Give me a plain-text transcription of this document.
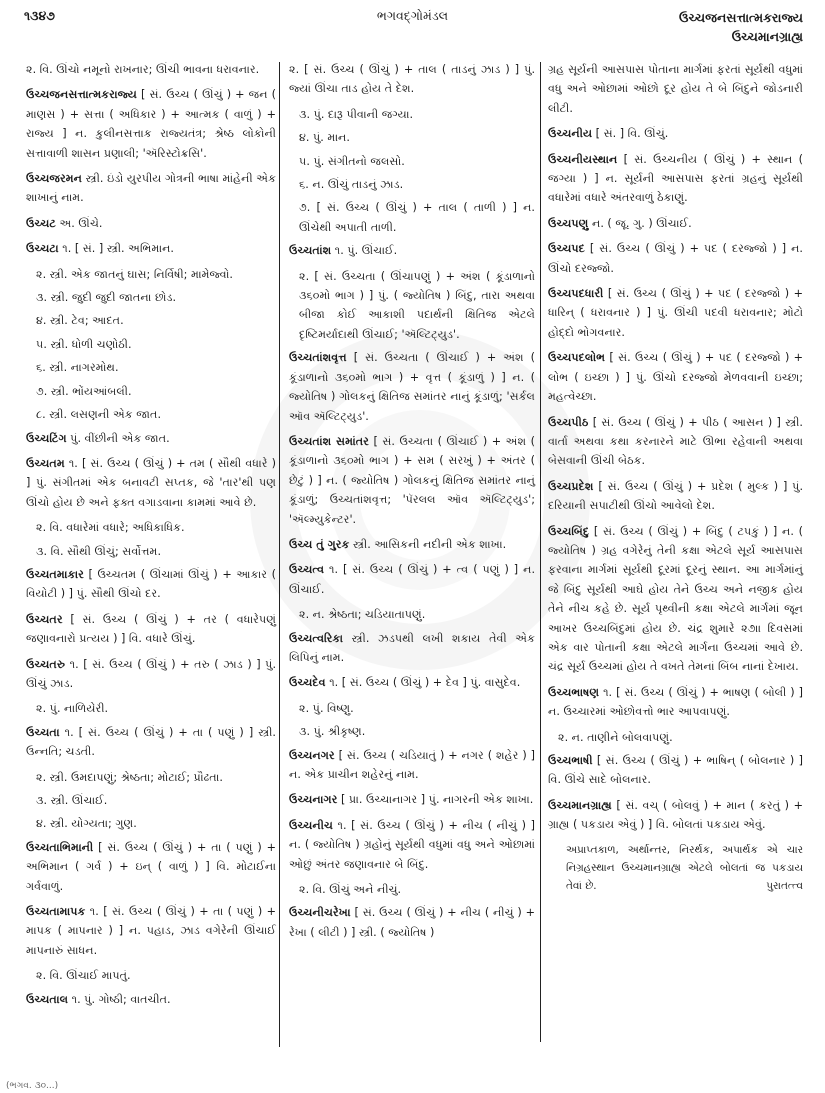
૧૩૪૭	ભગવદ્ગોમંડલ	ઉચ્ચજનસત્તાત્મકરાજ્ય
ઉચ્ચમાનગ્રાહ્ય

૨. વિ. ઊંચો નમૂનો રાખનાર; ઊંચી ભાવના ધરાવનાર.

ઉચ્ચજનસત્તાત્મકરાજ્ય [ સં. ઉચ્ચ ( ઊંચું ) + જન ( માણસ ) + સત્તા ( અધિકાર ) + આત્મક ( વાળું ) + રાજ્ય ] ન. કુલીનસત્તાક રાજ્યતંત્ર; શ્રેષ્ઠ લોકોની સત્તાવાળી શાસન પ્રણાલી; 'ઍરિસ્ટોક્રસિ'.

ઉચ્ચજરમન સ્ત્રી. ઇંડો યુરપીય ગોત્રની ભાષા માંહેની એક શાખાનું નામ.

ઉચ્ચટ અ. ઊંચે.

ઉચ્ચટા ૧. [ સં. ] સ્ત્રી. અભિમાન.

૨. સ્ત્રી. એક જાતનું ઘાસ; નિર્વિષી; મામેજ્વો.

૩. સ્ત્રી. જુદી જુદી જાતના છોડ.

૪. સ્ત્રી. ટેવ; આદત.

૫. સ્ત્રી. ધોળી ચણોઠી.

૬. સ્ત્રી. નાગરમોથ.

૭. સ્ત્રી. ભોંયઆંબલી.

૮. સ્ત્રી. લસણની એક જાત.

ઉચ્ચટિંગ પું. વીંછીની એક જાત.

ઉચ્ચતમ ૧. [ સં. ઉચ્ચ ( ઊંચું ) + તમ ( સૌથી વધારે ) ] પું. સંગીતમાં એક બનાવટી સપ્તક, જે 'તાર'થી પણ ઊંચો હોય છે અને ફક્ત વગાડવાના કામમાં આવે છે.

૨. વિ. વધારેમાં વધારે; અધિકાધિક.

૩. વિ. સૌથી ઊંચું; સર્વોત્તમ.

ઉચ્ચતમાકાર [ ઉચ્ચતમ ( ઊંચામાં ઊંચું ) + આકાર ( વિયોટી ) ] પું. સૌથી ઊંચો દર.

ઉચ્ચતર [ સં. ઉચ્ચ ( ઊંચું ) + તર ( વધારેપણું જણાવનારો પ્રત્યય ) ] વિ. વધારે ઊંચું.

ઉચ્ચતરુ ૧. [ સં. ઉચ્ચ ( ઊંચું ) + તરુ ( ઝાડ ) ] પું. ઊંચું ઝાડ.

૨. પું. નાળિયેરી.

ઉચ્ચતા ૧. [ સં. ઉચ્ચ ( ઊંચું ) + તા ( પણું ) ] સ્ત્રી. ઉન્નતિ; ચડતી.

૨. સ્ત્રી. ઉમદાપણું; શ્રેષ્ઠતા; મોટાઈ; પ્રૌઢતા.

૩. સ્ત્રી. ઊંચાઈ.

૪. સ્ત્રી. યોગ્યતા; ગુણ.

ઉચ્ચતાભિમાની [ સં. ઉચ્ચ ( ઊંચું ) + તા ( પણું ) + અભિમાન ( ગર્વ ) + ઇન્ ( વાળું ) ] વિ. મોટાઈના ગર્વવાળું.

ઉચ્ચતામાપક ૧. [ સં. ઉચ્ચ ( ઊંચું ) + તા ( પણું ) + માપક ( માપનાર ) ] ન. પહાડ, ઝાડ વગેરેની ઊંચાઈ માપનારું સાધન.

૨. વિ. ઊંચાઈ માપતું.

ઉચ્ચતાલ ૧. પું. ગોષ્ઠી; વાતચીત.

૨. [ સં. ઉચ્ચ ( ઊંચું ) + તાલ ( તાડનું ઝાડ ) ] પું. જ્યાં ઊંચા તાડ હોય તે દેશ.

૩. પું. દારૂ પીવાની જગ્યા.

૪. પું. માન.

૫. પું. સંગીતનો જલસો.

૬. ન. ઊંચું તાડનું ઝાડ.

૭. [ સં. ઉચ્ચ ( ઊંચું ) + તાલ ( તાળી ) ] ન. ઊંચેથી અપાતી તાળી.

ઉચ્ચતાંશ ૧. પું. ઊંચાઈ.

૨. [ સં. ઉચ્ચતા ( ઊંચાપણું ) + અંશ ( કૂંડાળાનો ૩૬૦મો ભાગ ) ] પું. ( જ્યોતિષ ) બિંદુ, તારા અથવા બીજા કોઈ આકાશી પદાર્થની ક્ષિતિજ એટલે દૃષ્ટિમર્યાદાથી ઊંચાઈ; 'ઍલ્ટિટ્યુડ'.

ઉચ્ચતાંશવૃત્ત [ સં. ઉચ્ચતા ( ઊંચાઈ ) + અંશ ( કૂંડાળાનો ૩૬૦મો ભાગ ) + વૃત્ત ( કૂંડાળું ) ] ન. ( જ્યોતિષ ) ગોલકનું ક્ષિતિજ સમાંતર નાનું કૂંડાળું; 'સર્કલ ઑવ ઍલ્ટિટ્યુડ'.

ઉચ્ચતાંશ સમાંતર [ સં. ઉચ્ચતા ( ઊંચાઈ ) + અંશ ( કૂંડાળાનો ૩૬૦મો ભાગ ) + સમ ( સરખું ) + અંતર ( છેટું ) ] ન. ( જ્યોતિષ ) ગોલકનું ક્ષિતિજ સમાંતર નાનું કૂંડાળું; ઉચ્ચતાંશવૃત્ત; 'પૅરલલ ઑવ ઍલ્ટિટ્યુડ'; 'ઍલ્મ્યુકેન્ટર'.

ઉચ્ચ તું ગુરક સ્ત્રી. આસિકની નદીની એક શાખા.

ઉચ્ચત્વ ૧. [ સં. ઉચ્ચ ( ઊંચું ) + ત્વ ( પણું ) ] ન. ઊંચાઈ.

૨. ન. શ્રેષ્ઠતા; ચડિયાતાપણું.

ઉચ્ચત્વરિકા સ્ત્રી. ઝડપથી લખી શકાય તેવી એક લિપિનું નામ.

ઉચ્ચદેવ ૧. [ સં. ઉચ્ચ ( ઊંચું ) + દેવ ] પું. વાસુદેવ.

૨. પું. વિષ્ણુ.

૩. પું. શ્રીકૃષ્ણ.

ઉચ્ચનગર [ સં. ઉચ્ચ ( ચડિયાતું ) + નગર ( શહેર ) ] ન. એક પ્રાચીન શહેરનું નામ.

ઉચ્ચનાગર [ પ્રા. ઉચ્ચાનાગર ] પું. નાગરની એક શાખા.

ઉચ્ચનીચ ૧. [ સં. ઉચ્ચ ( ઊંચું ) + નીચ ( નીચું ) ] ન. ( જ્યોતિષ ) ગ્રહોનું સૂર્યથી વધુમાં વધુ અને ઓછામાં ઓછું અંતર જણાવનાર બે બિંદુ.

૨. વિ. ઊંચું અને નીચું.

ઉચ્ચનીચરેખા [ સં. ઉચ્ચ ( ઊંચું ) + નીચ ( નીચું ) + રેખા ( લીટી ) ] સ્ત્રી. ( જ્યોતિષ )

ગ્રહ સૂર્યની આસપાસ પોતાના માર્ગમાં ફરતાં સૂર્યથી વધુમાં વધુ અને ઓછામાં ઓછો દૂર હોય તે બે બિંદુને જોડનારી લીટી.

ઉચ્ચનીય [ સં. ] વિ. ઊંચું.

ઉચ્ચનીયસ્થાન [ સં. ઉચ્ચનીય ( ઊંચું ) + સ્થાન ( જગ્યા ) ] ન. સૂર્યની આસપાસ ફરતાં ગ્રહનું સૂર્યથી વધારેમાં વધારે અંતરવાળું ઠેકાણું.

ઉચ્ચપણુ ન. ( જૂ. ગુ. ) ઊંચાઈ.

ઉચ્ચપદ [ સં. ઉચ્ચ ( ઊંચું ) + પદ ( દરજ્જો ) ] ન. ઊંચો દરજ્જો.

ઉચ્ચપદધારી [ સં. ઉચ્ચ ( ઊંચું ) + પદ ( દરજ્જો ) + ધારિન્ ( ધરાવનાર ) ] પું. ઊંચી પદવી ધરાવનાર; મોટો હોદ્દો ભોગવનાર.

ઉચ્ચપદલોભ [ સં. ઉચ્ચ ( ઊંચું ) + પદ ( દરજ્જો ) + લોભ ( ઇચ્છા ) ] પું. ઊંચો દરજ્જો મેળવવાની ઇચ્છા; મહત્વેચ્છા.

ઉચ્ચપીઠ [ સં. ઉચ્ચ ( ઊંચું ) + પીઠ ( આસન ) ] સ્ત્રી. વાર્તા અથવા કથા કરનારને માટે ઊભા રહેવાની અથવા બેસવાની ઊંચી બેઠક.

ઉચ્ચપ્રદેશ [ સં. ઉચ્ચ ( ઊંચું ) + પ્રદેશ ( મુલ્ક ) ] પું. દરિયાની સપાટીથી ઊંચો આવેલો દેશ.

ઉચ્ચબિંદુ [ સં. ઉચ્ચ ( ઊંચું ) + બિંદુ ( ટપકું ) ] ન. ( જ્યોતિષ ) ગ્રહ વગેરેનું તેની કક્ષા એટલે સૂર્ય આસપાસ ફરવાના માર્ગમાં સૂર્યથી દૂરમાં દૂરનું સ્થાન. આ માર્ગમાંનું જે બિંદુ સૂર્યથી આઘે હોય તેને ઉચ્ચ અને નજીક હોય તેને નીચ કહે છે. સૂર્ય પૃથ્વીની કક્ષા એટલે માર્ગમાં જૂન આખર ઉચ્ચબિંદુમાં હોય છે. ચંદ્ર શુમારે ૨૭ાા દિવસમાં એક વાર પોતાની કક્ષા એટલે માર્ગના ઉચ્ચમાં આવે છે. ચંદ્ર સૂર્ય ઉચ્ચમાં હોય તે વખતે તેમનાં બિંબ નાનાં દેખાય.

ઉચ્ચભાષણ ૧. [ સં. ઉચ્ચ ( ઊંચું ) + ભાષણ ( બોલી ) ] ન. ઉચ્ચારમાં ઓછોવત્તો ભાર આપવાપણું.

૨. ન. તાણીને બોલવાપણું.

ઉચ્ચભાષી [ સં. ઉચ્ચ ( ઊંચું ) + ભાષિન્ ( બોલનાર ) ] વિ. ઊંચે સાદે બોલનાર.

ઉચ્ચમાનગ્રાહ્ય [ સં. વચ્ ( બોલવું ) + માન ( કરતું ) + ગ્રાહ્ય ( પકડાય એવું ) ] વિ. બોલતાં પકડાય એવું.

અપ્રાપ્તકાળ, અર્થાન્તર, નિરર્થક, અપાર્થક એ ચાર નિગ્રહસ્થાન ઉચ્ચમાનગ્રાહ્ય એટલે બોલતાં જ પકડાય તેવાં છે.	પુરાતત્ત્વ

(ભગવ. ૩૦...)
